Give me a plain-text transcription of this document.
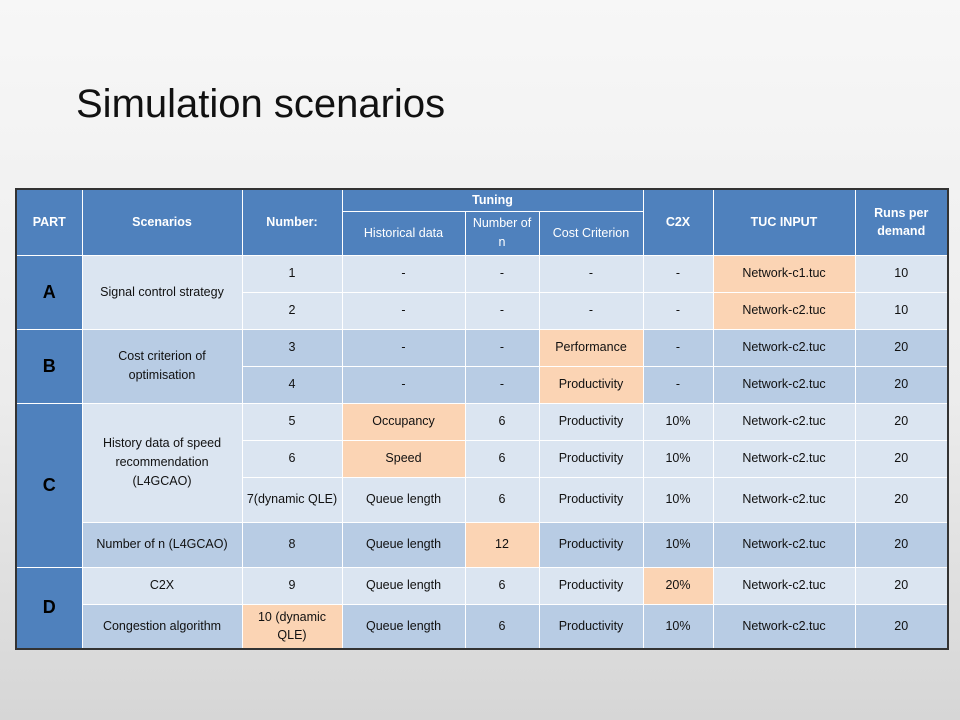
Simulation scenarios
PART	Scenarios	Number:	Tuning			C2X	TUC INPUT	Runs per demand
			Historical data	Number of n	Cost Criterion			
A	Signal control strategy	1	-	-	-	-	Network-c1.tuc	10
		2	-	-	-	-	Network-c2.tuc	10
B	Cost criterion of optimisation	3	-	-	Performance	-	Network-c2.tuc	20
		4	-	-	Productivity	-	Network-c2.tuc	20
C	History data of speed recommendation (L4GCAO)	5	Occupancy	6	Productivity	10%	Network-c2.tuc	20
		6	Speed	6	Productivity	10%	Network-c2.tuc	20
		7(dynamic QLE)	Queue length	6	Productivity	10%	Network-c2.tuc	20
	Number of n (L4GCAO)	8	Queue length	12	Productivity	10%	Network-c2.tuc	20
D	C2X	9	Queue length	6	Productivity	20%	Network-c2.tuc	20
	Congestion algorithm	10 (dynamic QLE)	Queue length	6	Productivity	10%	Network-c2.tuc	20
